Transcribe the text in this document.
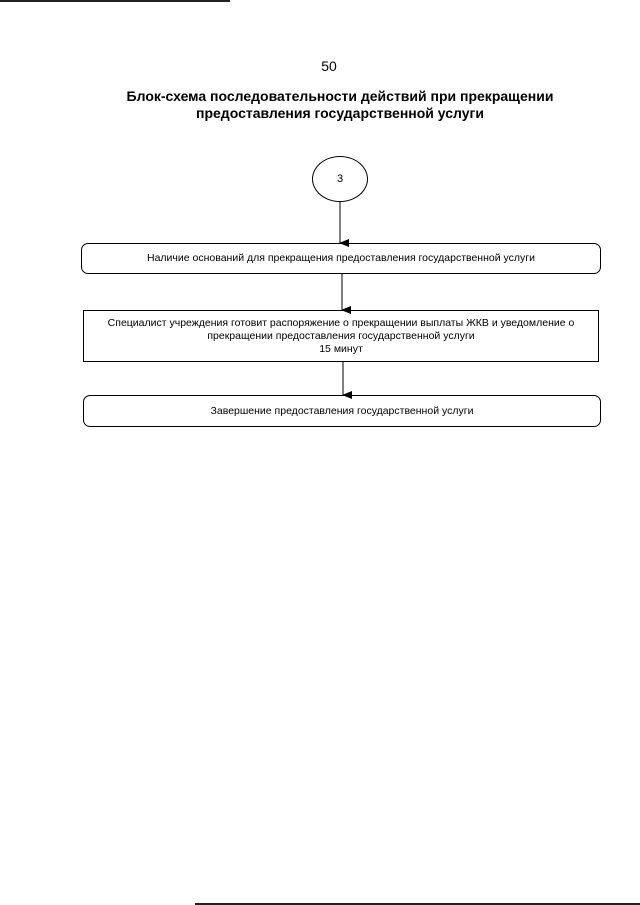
50
Блок-схема последовательности действий при прекращении
предоставления государственной услуги
3
Наличие оснований для прекращения предоставления государственной услуги
Специалист учреждения готовит распоряжение о прекращении выплаты ЖКВ и уведомление о
прекращении предоставления государственной услуги
15 минут
Завершение предоставления государственной услуги
